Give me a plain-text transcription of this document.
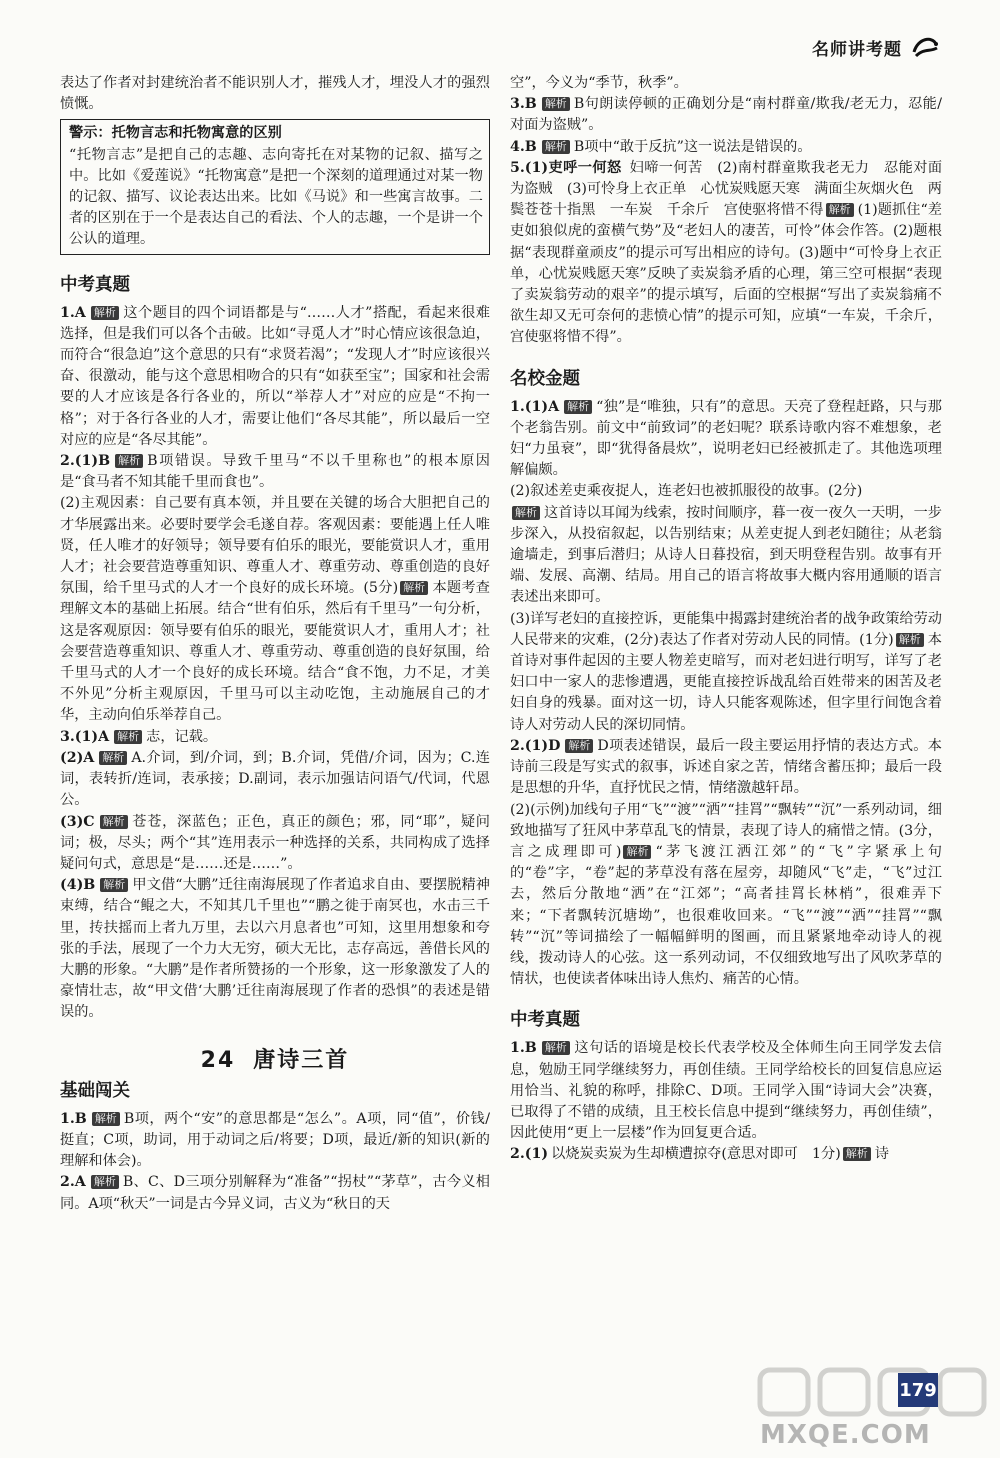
名师讲考题

表达了作者对封建统治者不能识别人才，摧残人才，埋没人才的强烈愤慨。

警示：托物言志和托物寓意的区别
“托物言志”是把自己的志趣、志向寄托在对某物的记叙、描写之中。比如《爱莲说》“托物寓意”是把一个深刻的道理通过对某一物的记叙、描写、议论表达出来。比如《马说》和一些寓言故事。二者的区别在于一个是表达自己的看法、个人的志趣，一个是讲一个公认的道理。
中考真题

1.A 解析 这个题目的四个词语都是与“……人才”搭配，看起来很难选择，但是我们可以各个击破。比如“寻觅人才”时心情应该很急迫，而符合“很急迫”这个意思的只有“求贤若渴”；“发现人才”时应该很兴奋、很激动，能与这个意思相吻合的只有“如获至宝”；国家和社会需要的人才应该是各行各业的，所以“举荐人才”对应的应是“不拘一格”；对于各行各业的人才，需要让他们“各尽其能”，所以最后一空对应的应是“各尽其能”。

2.(1)B 解析 B项错误。导致千里马“不以千里称也”的根本原因是“食马者不知其能千里而食也”。

(2)主观因素：自己要有真本领，并且要在关键的场合大胆把自己的才华展露出来。必要时要学会毛遂自荐。客观因素：要能遇上任人唯贤，任人唯才的好领导；领导要有伯乐的眼光，要能赏识人才，重用人才；社会要营造尊重知识、尊重人才、尊重劳动、尊重创造的良好氛围，给千里马式的人才一个良好的成长环境。(5分) 解析 本题考查理解文本的基础上拓展。结合“世有伯乐，然后有千里马”一句分析，这是客观原因：领导要有伯乐的眼光，要能赏识人才，重用人才；社会要营造尊重知识、尊重人才、尊重劳动、尊重创造的良好氛围，给千里马式的人才一个良好的成长环境。结合“食不饱，力不足，才美不外见”分析主观原因，千里马可以主动吃饱，主动施展自己的才华，主动向伯乐举荐自己。

3.(1)A 解析 志，记载。

(2)A 解析 A.介词，到/介词，到；B.介词，凭借/介词，因为；C.连词，表转折/连词，表承接；D.副词，表示加强诘问语气/代词，代恩公。

(3)C 解析 苍苍，深蓝色；正色，真正的颜色；邪，同“耶”，疑问词；极，尽头；两个“其”连用表示一种选择的关系，共同构成了选择疑问句式，意思是“是……还是……”。

(4)B 解析 甲文借“大鹏”迁往南海展现了作者追求自由、要摆脱精神束缚，结合“鲲之大，不知其几千里也”“鹏之徙于南冥也，水击三千里，抟扶摇而上者九万里，去以六月息者也”可知，这里用想象和夸张的手法，展现了一个力大无穷，硕大无比，志存高远，善借长风的大鹏的形象。“大鹏”是作者所赞扬的一个形象，这一形象激发了人的豪情壮志，故“甲文借‘大鹏’迁往南海展现了作者的恐惧”的表述是错误的。

24 唐诗三首
基础闯关

1.B 解析 B项，两个“安”的意思都是“怎么”。A项，同“值”，价钱/挺直；C项，助词，用于动词之后/将要；D项，最近/新的知识(新的理解和体会)。

2.A 解析 B、C、D三项分别解释为“准备”“拐杖”“茅草”，古今义相同。A项“秋天”一词是古今异义词，古义为“秋日的天

空”，今义为“季节，秋季”。

3.B 解析 B句朗读停顿的正确划分是“南村群童/欺我/老无力，忍能/对面为盗贼”。

4.B 解析 B项中“敢于反抗”这一说法是错误的。

5.(1)吏呼一何怒 妇啼一何苦　(2)南村群童欺我老无力　忍能对面为盗贼　(3)可怜身上衣正单　心忧炭贱愿天寒　满面尘灰烟火色　两鬓苍苍十指黑　一车炭　千余斤　宫使驱将惜不得 解析 (1)题抓住“差吏如狼似虎的蛮横气势”及“老妇人的凄苦，可怜”体会作答。(2)题根据“表现群童顽皮”的提示可写出相应的诗句。(3)题中“可怜身上衣正单，心忧炭贱愿天寒”反映了卖炭翁矛盾的心理，第三空可根据“表现了卖炭翁劳动的艰辛”的提示填写，后面的空根据“写出了卖炭翁痛不欲生却又无可奈何的悲愤心情”的提示可知，应填“一车炭，千余斤，宫使驱将惜不得”。

名校金题

1.(1)A 解析 “独”是“唯独，只有”的意思。天亮了登程赶路，只与那个老翁告别。前文中“前致词”的老妇呢？联系诗歌内容不难想象，老妇“力虽衰”，即“犹得备晨炊”，说明老妇已经被抓走了。其他选项理解偏颇。

(2)叙述差吏乘夜捉人，连老妇也被抓服役的故事。(2分)
解析 这首诗以耳闻为线索，按时间顺序，暮一夜一夜久一天明，一步步深入，从投宿叙起，以告别结束；从差吏捉人到老妇随往；从老翁逾墙走，到事后潜归；从诗人日暮投宿，到天明登程告别。故事有开端、发展、高潮、结局。用自己的语言将故事大概内容用通顺的语言表述出来即可。

(3)详写老妇的直接控诉，更能集中揭露封建统治者的战争政策给劳动人民带来的灾难，(2分)表达了作者对劳动人民的同情。(1分) 解析 本首诗对事件起因的主要人物差吏暗写，而对老妇进行明写，详写了老妇口中一家人的悲惨遭遇，更能直接控诉战乱给百姓带来的困苦及老妇自身的残暴。面对这一切，诗人只能客观陈述，但字里行间饱含着诗人对劳动人民的深切同情。

2.(1)D 解析 D项表述错误，最后一段主要运用抒情的表达方式。本诗前三段是写实式的叙事，诉述自家之苦，情绪含蓄压抑；最后一段是思想的升华，直抒忧民之情，情绪激越轩昂。

(2)(示例)加线句子用“飞”“渡”“洒”“挂罥”“飘转”“沉”一系列动词，细致地描写了狂风中茅草乱飞的情景，表现了诗人的痛惜之情。(3分，言之成理即可) 解析 “茅飞渡江洒江郊”的“飞”字紧承上句的“卷”字，“卷”起的茅草没有落在屋旁，却随风“飞”走，“飞”过江去，然后分散地“洒”在“江郊”；“高者挂罥长林梢”，很难弄下来；“下者飘转沉塘坳”，也很难收回来。“飞”“渡”“洒”“挂罥”“飘转”“沉”等词描绘了一幅幅鲜明的图画，而且紧紧地牵动诗人的视线，拨动诗人的心弦。这一系列动词，不仅细致地写出了风吹茅草的情状，也使读者体味出诗人焦灼、痛苦的心情。

中考真题

1.B 解析 这句话的语境是校长代表学校及全体师生向王同学发去信息，勉励王同学继续努力，再创佳绩。王同学给校长的回复信息应运用恰当、礼貌的称呼，排除C、D项。王同学入围“诗词大会”决赛，已取得了不错的成绩，且王校长信息中提到“继续努力，再创佳绩”，因此使用“更上一层楼”作为回复更合适。

2.(1) 以烧炭卖炭为生却横遭掠夺(意思对即可　1分) 解析 诗

179
MXQE.COM
